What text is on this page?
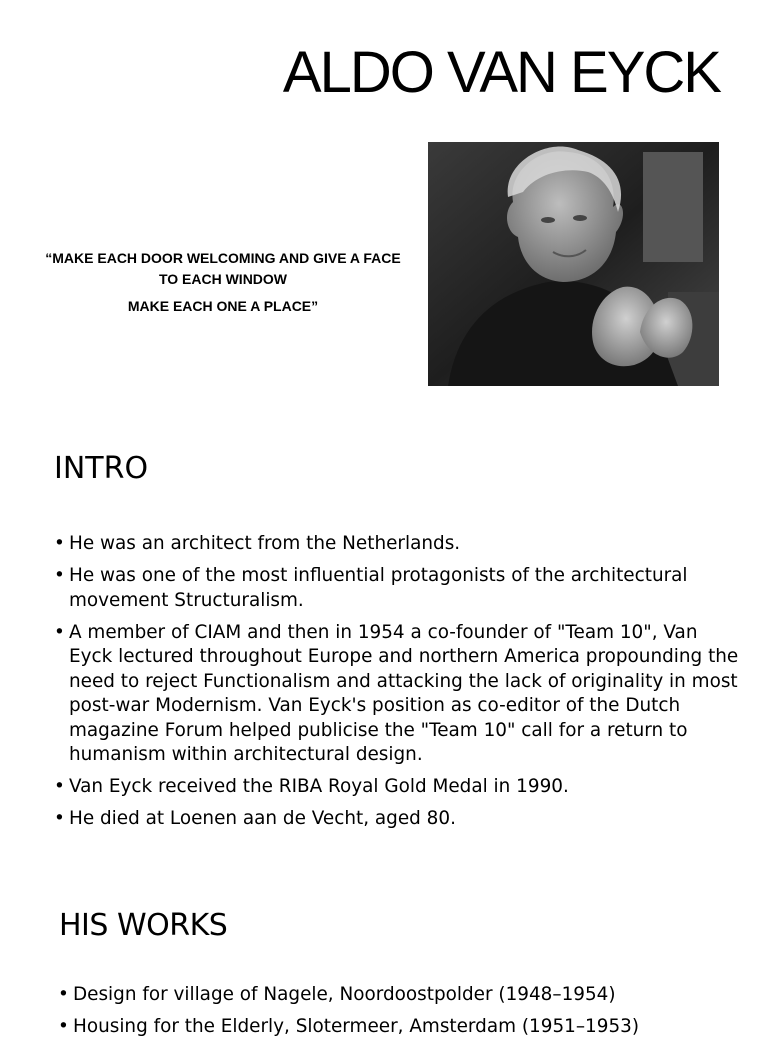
ALDO VAN EYCK
“MAKE EACH DOOR WELCOMING AND GIVE A FACE TO EACH WINDOW
MAKE EACH ONE A PLACE”
INTRO
• He was an architect from the Netherlands.
• He was one of the most influential protagonists of the architectural movement Structuralism.
• A member of CIAM and then in 1954 a co-founder of "Team 10", Van Eyck lectured throughout Europe and northern America propounding the need to reject Functionalism and attacking the lack of originality in most post-war Modernism. Van Eyck's position as co-editor of the Dutch magazine Forum helped publicise the "Team 10" call for a return to humanism within architectural design.
• Van Eyck received the RIBA Royal Gold Medal in 1990.
• He died at Loenen aan de Vecht, aged 80.
HIS WORKS
• Design for village of Nagele, Noordoostpolder (1948–1954)
• Housing for the Elderly, Slotermeer, Amsterdam (1951–1953)
